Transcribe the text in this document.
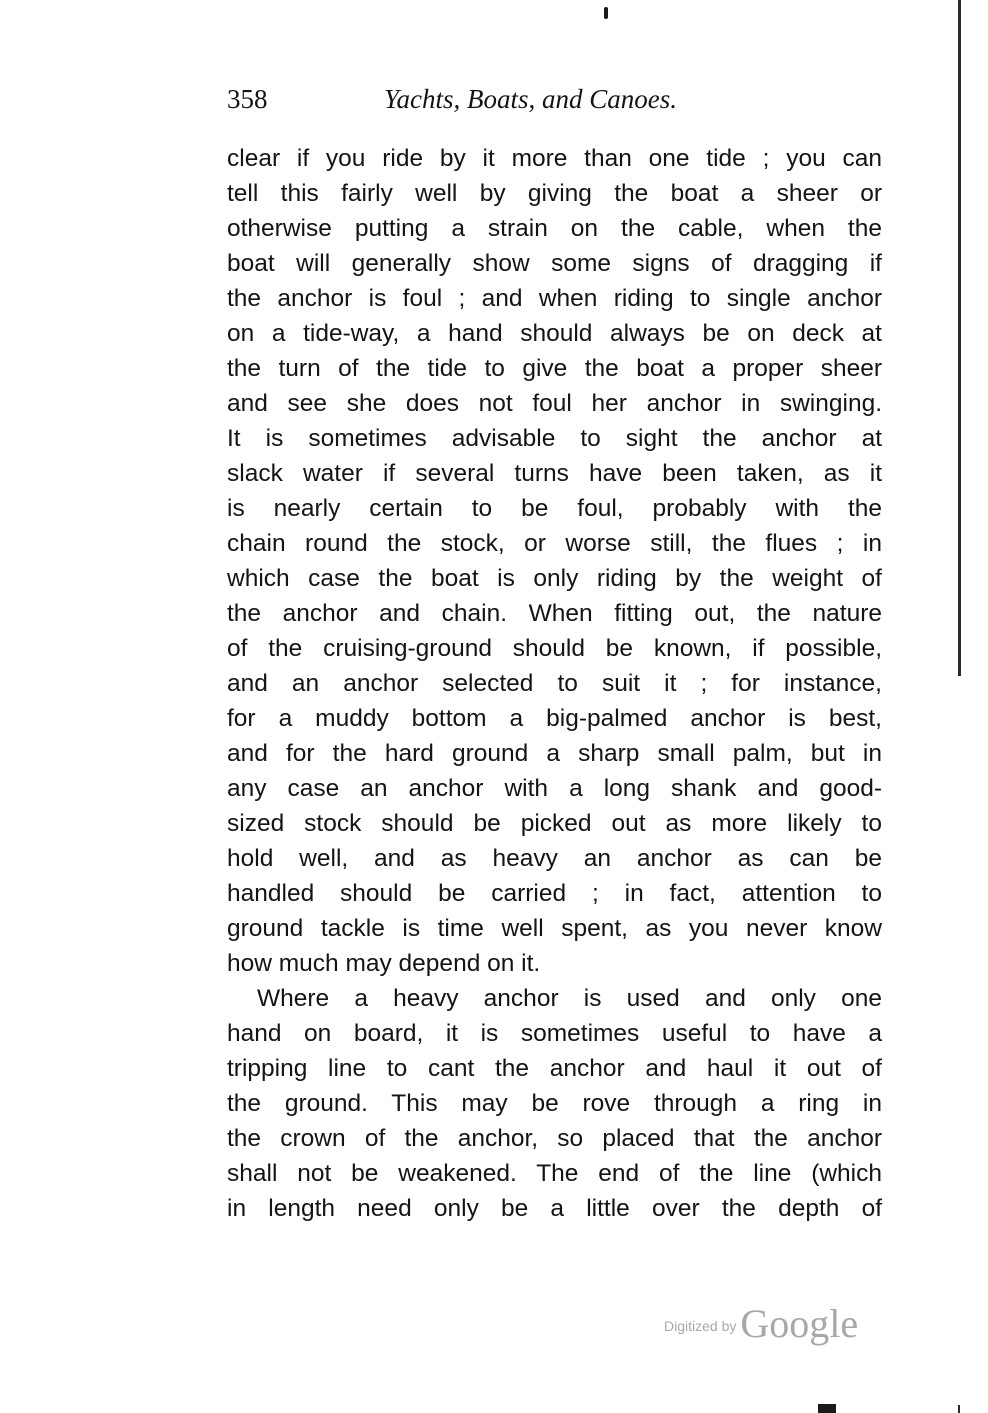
358	Yachts, Boats, and Canoes.
clear if you ride by it more than one tide ; you can
tell this fairly well by giving the boat a sheer or
otherwise putting a strain on the cable, when the
boat will generally show some signs of dragging if
the anchor is foul ; and when riding to single anchor
on a tide-way, a hand should always be on deck at
the turn of the tide to give the boat a proper sheer
and see she does not foul her anchor in swinging.
It is sometimes advisable to sight the anchor at
slack water if several turns have been taken, as it
is nearly certain to be foul, probably with the
chain round the stock, or worse still, the flues ; in
which case the boat is only riding by the weight of
the anchor and chain. When fitting out, the nature
of the cruising-ground should be known, if possible,
and an anchor selected to suit it ; for instance,
for a muddy bottom a big-palmed anchor is best,
and for the hard ground a sharp small palm, but in
any case an anchor with a long shank and good-
sized stock should be picked out as more likely to
hold well, and as heavy an anchor as can be
handled should be carried ; in fact, attention to
ground tackle is time well spent, as you never know
how much may depend on it.
Where a heavy anchor is used and only one
hand on board, it is sometimes useful to have a
tripping line to cant the anchor and haul it out of
the ground. This may be rove through a ring in
the crown of the anchor, so placed that the anchor
shall not be weakened. The end of the line (which
in length need only be a little over the depth of
Digitized by Google
